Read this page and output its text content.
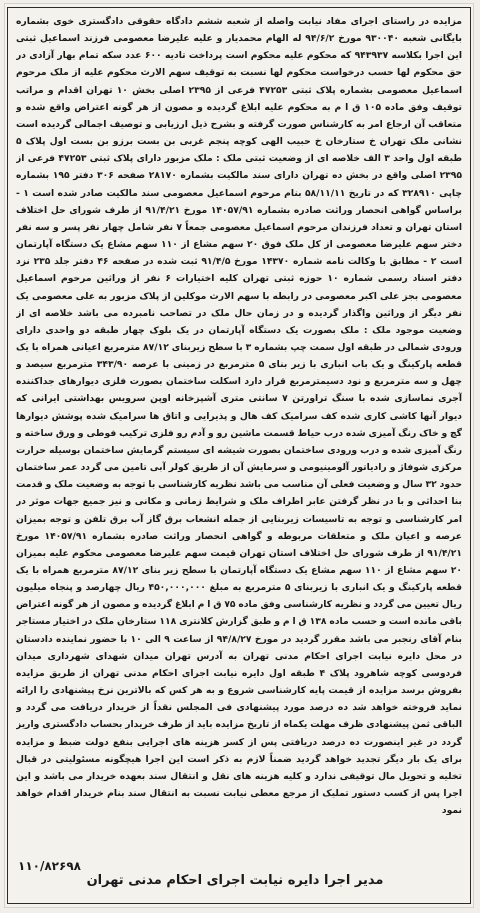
مزایده در راستای اجرای مفاد نیابت واصله از شعبه ششم دادگاه حقوقی دادگستری خوی بشماره بایگانی شعبه ۹۳۰۰۴۰ مورخ ۹۴/۶/۲ له الهام محمدیار و علیه علیرضا معصومی فرزند اسماعیل ثبتی این اجرا بکلاسه ۹۴۳۹۳۷ که محکوم علیه محکوم است پرداخت تادیه ۶۰۰ عدد سکه تمام بهار آزادی در حق محکوم لها حسب درخواست محکوم لها نسبت به توقیف سهم الارث محکوم علیه از ملک مرحوم اسماعیل معصومی بشماره پلاک ثبتی ۴۷۲۵۳ فرعی از ۲۳۹۵ اصلی بخش ۱۰ تهران اقدام و مراتب توقیف وفق ماده ۱۰۵ ق ا م به محکوم علیه ابلاغ گردیده و مصون از هر گونه اعتراض واقع شده و متعاقب آن ارجاع امر به کارشناس صورت گرفته و بشرح ذیل ارزیابی و توصیف اجمالی گردیده است نشانی ملک تهران خ ستارخان خ حبیب الهی کوچه پنجم غربی بن بست برزو بن بست اول پلاک ۵ طبقه اول واحد ۳ الف خلاصه ای از وضعیت ثبتی ملک : ملک مزبور دارای پلاک ثبتی ۴۷۲۵۳ فرعی از ۲۳۹۵ اصلی واقع در بخش ده تهران دارای سند مالکیت بشماره ۲۸۱۷۰ صفحه ۳۰۶ دفتر ۱۹۵ بشماره چاپی ۳۲۸۹۱۰ که در تاریخ ۵۸/۱۱/۱۱ بنام مرحوم اسماعیل معصومی سند مالکیت صادر شده است ۱ - براساس گواهی انحصار وراثت صادره بشماره ۱۴۰۵۷/۹۱ مورخ ۹۱/۴/۲۱ از طرف شورای حل اختلاف استان تهران و تعداد فرزندان مرحوم اسماعیل معصومی جمعاً ۷ نفر شامل چهار نفر پسر و سه نفر دختر سهم علیرضا معصومی از کل ملک فوق ۲۰ سهم مشاع از ۱۱۰ سهم مشاع یک دستگاه آپارتمان است ۲ - مطابق با وکالت نامه شماره ۱۴۳۷۰ مورخ ۹۱/۴/۵ ثبت شده در صفحه ۴۶ دفتر جلد ۲۳۵ نزد دفتر اسناد رسمی شماره ۱۰ حوزه ثبتی تهران کلیه اختیارات ۶ نفر از وراثین مرحوم اسماعیل معصومی بجز علی اکبر معصومی در رابطه با سهم الارث موکلین از پلاک مزبور به علی معصومی یک نفر دیگر از وراثین واگذار گردیده و در زمان حال ملک در تصاحب نامبرده می باشد خلاصه ای از وضعیت موجود ملک : ملک بصورت یک دستگاه آپارتمان در یک بلوک چهار طبقه دو واحدی دارای ورودی شمالی در طبقه اول سمت چپ بشماره ۳ با سطح زیربنای ۸۷/۱۲ مترمربع اعیانی همراه با یک قطعه پارکینگ و یک باب انباری با زیر بنای ۵ مترمربع در زمینی با عرصه ۳۴۳/۹۰ مترمربع سیصد و چهل و سه مترمربع و نود دسیمترمربع قرار دارد اسکلت ساختمان بصورت فلزی دیوارهای جداکننده آجری نماسازی شده با سنگ تراورتن ۷ سانتی متری آشپزخانه اوپن سرویس بهداشتی ایرانی که دیوار آنها کاشی کاری شده کف سرامیک کف هال و پذیرایی و اتاق ها سرامیک شده پوشش دیوارها گچ و خاک رنگ آمیزی شده درب حیاط قسمت ماشین رو و آدم رو فلزی ترکیب فوطی و ورق ساخته و رنگ آمیزی شده و درب ورودی ساختمان بصورت شیشه ای سیستم گرمایش ساختمان بوسیله حرارت مرکزی شوفاژ و رادیاتور آلومینیومی و سرمایش آن از طریق کولر آبی تامین می گردد عمر ساختمان حدود ۳۲ سال و وضعیت فعلی آن مناسب می باشد نظریه کارشناسی با توجه به وضعیت ملک و قدمت بنا احداثی و با در نظر گرفتن عابر اطراف ملک و شرایط زمانی و مکانی و نیز جمیع جهات موثر در امر کارشناسی و توجه به تاسیسات زیربنایی از جمله انشعاب برق گاز آب برق تلفن و توجه بمیزان عرصه و اعیان ملک و متعلقات مربوطه و گواهی انحصار وراثت صادره بشماره ۱۴۰۵۷/۹۱ مورخ ۹۱/۴/۲۱ از طرف شورای حل اختلاف استان تهران قیمت سهم علیرضا معصومی محکوم علیه بمیزان ۲۰ سهم مشاع از ۱۱۰ سهم مشاع یک دستگاه آپارتمان با سطح زیر بنای ۸۷/۱۲ مترمربع همراه با یک قطعه پارکینگ و یک انباری با زیربنای ۵ مترمربع به مبلغ ۴۵۰,۰۰۰,۰۰۰ ریال چهارصد و پنجاه میلیون ریال تعیین می گردد و نظریه کارشناسی وفق ماده ۷۵ ق ا م ابلاغ گردیده و مصون از هر گونه اعتراض باقی مانده است و حسب ماده ۱۳۸ ق ا م و طبق گزارش کلانتری ۱۱۸ ستارخان ملک در اختیار مستاجر بنام آقای رنجبر می باشد مقرر گردید در مورخ ۹۴/۸/۲۷ از ساعت ۹ الی ۱۰ با حضور نماینده دادستان در محل دایره نیابت اجرای احکام مدنی تهران به آدرس تهران میدان شهدای شهرداری میدان فردوسی کوچه شاهرود پلاک ۴ طبقه اول دایره نیابت اجرای احکام مدنی تهران از طریق مزایده بفروش برسد مزایده از قیمت پایه کارشناسی شروع و به هر کس که بالاترین نرخ پیشنهادی را ارائه نماید فروخته خواهد شد ده درصد مورد پیشنهادی فی المجلس نقداً از خریدار دریافت می گردد و الباقی ثمن پیشنهادی ظرف مهلت یکماه از تاریخ مزایده باید از طرف خریدار بحساب دادگستری واریز گردد در غیر اینصورت ده درصد دریافتی پس از کسر هزینه های اجرایی بنفع دولت ضبط و مزایده برای یک بار دیگر تجدید خواهد گردید ضمناً لازم به ذکر است این اجرا هیچگونه مسئولیتی در قبال تخلیه و تحویل مال توقیفی ندارد و کلیه هزینه های نقل و انتقال سند بعهده خریدار می باشد و این اجرا پس از کسب دستور تملیک از مرجع معطی نیابت نسبت به انتقال سند بنام خریدار اقدام خواهد نمود

۱۱۰/۸۲۶۹۸
مدیر اجرا دایره نیابت اجرای احکام مدنی تهران
